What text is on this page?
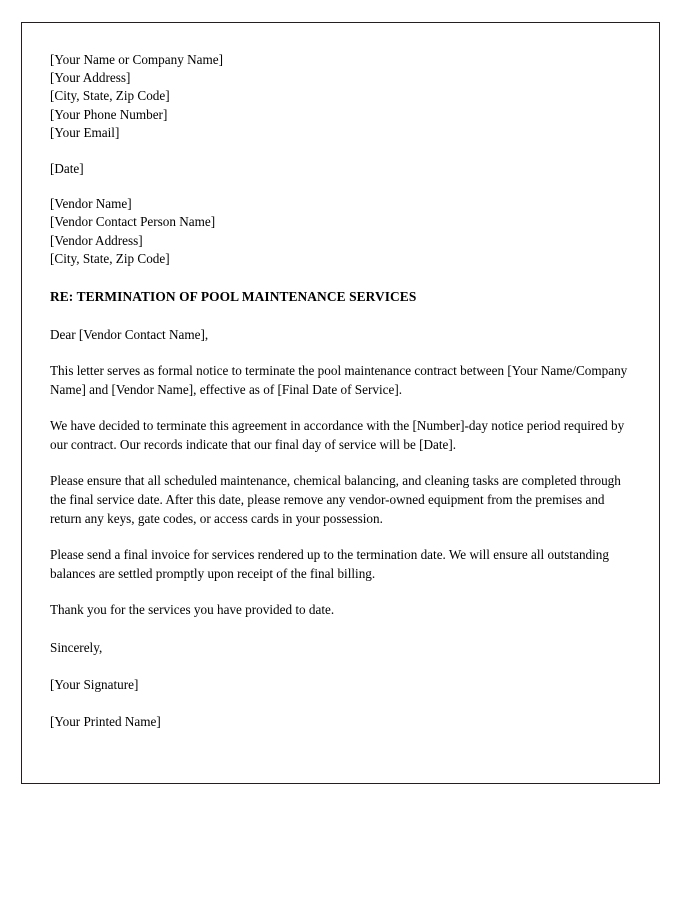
[Your Name or Company Name]
[Your Address]
[City, State, Zip Code]
[Your Phone Number]
[Your Email]
[Date]
[Vendor Name]
[Vendor Contact Person Name]
[Vendor Address]
[City, State, Zip Code]
RE: TERMINATION OF POOL MAINTENANCE SERVICES
Dear [Vendor Contact Name],
This letter serves as formal notice to terminate the pool maintenance contract between [Your Name/Company Name] and [Vendor Name], effective as of [Final Date of Service].
We have decided to terminate this agreement in accordance with the [Number]-day notice period required by our contract. Our records indicate that our final day of service will be [Date].
Please ensure that all scheduled maintenance, chemical balancing, and cleaning tasks are completed through the final service date. After this date, please remove any vendor-owned equipment from the premises and return any keys, gate codes, or access cards in your possession.
Please send a final invoice for services rendered up to the termination date. We will ensure all outstanding balances are settled promptly upon receipt of the final billing.
Thank you for the services you have provided to date.
Sincerely,
[Your Signature]
[Your Printed Name]
